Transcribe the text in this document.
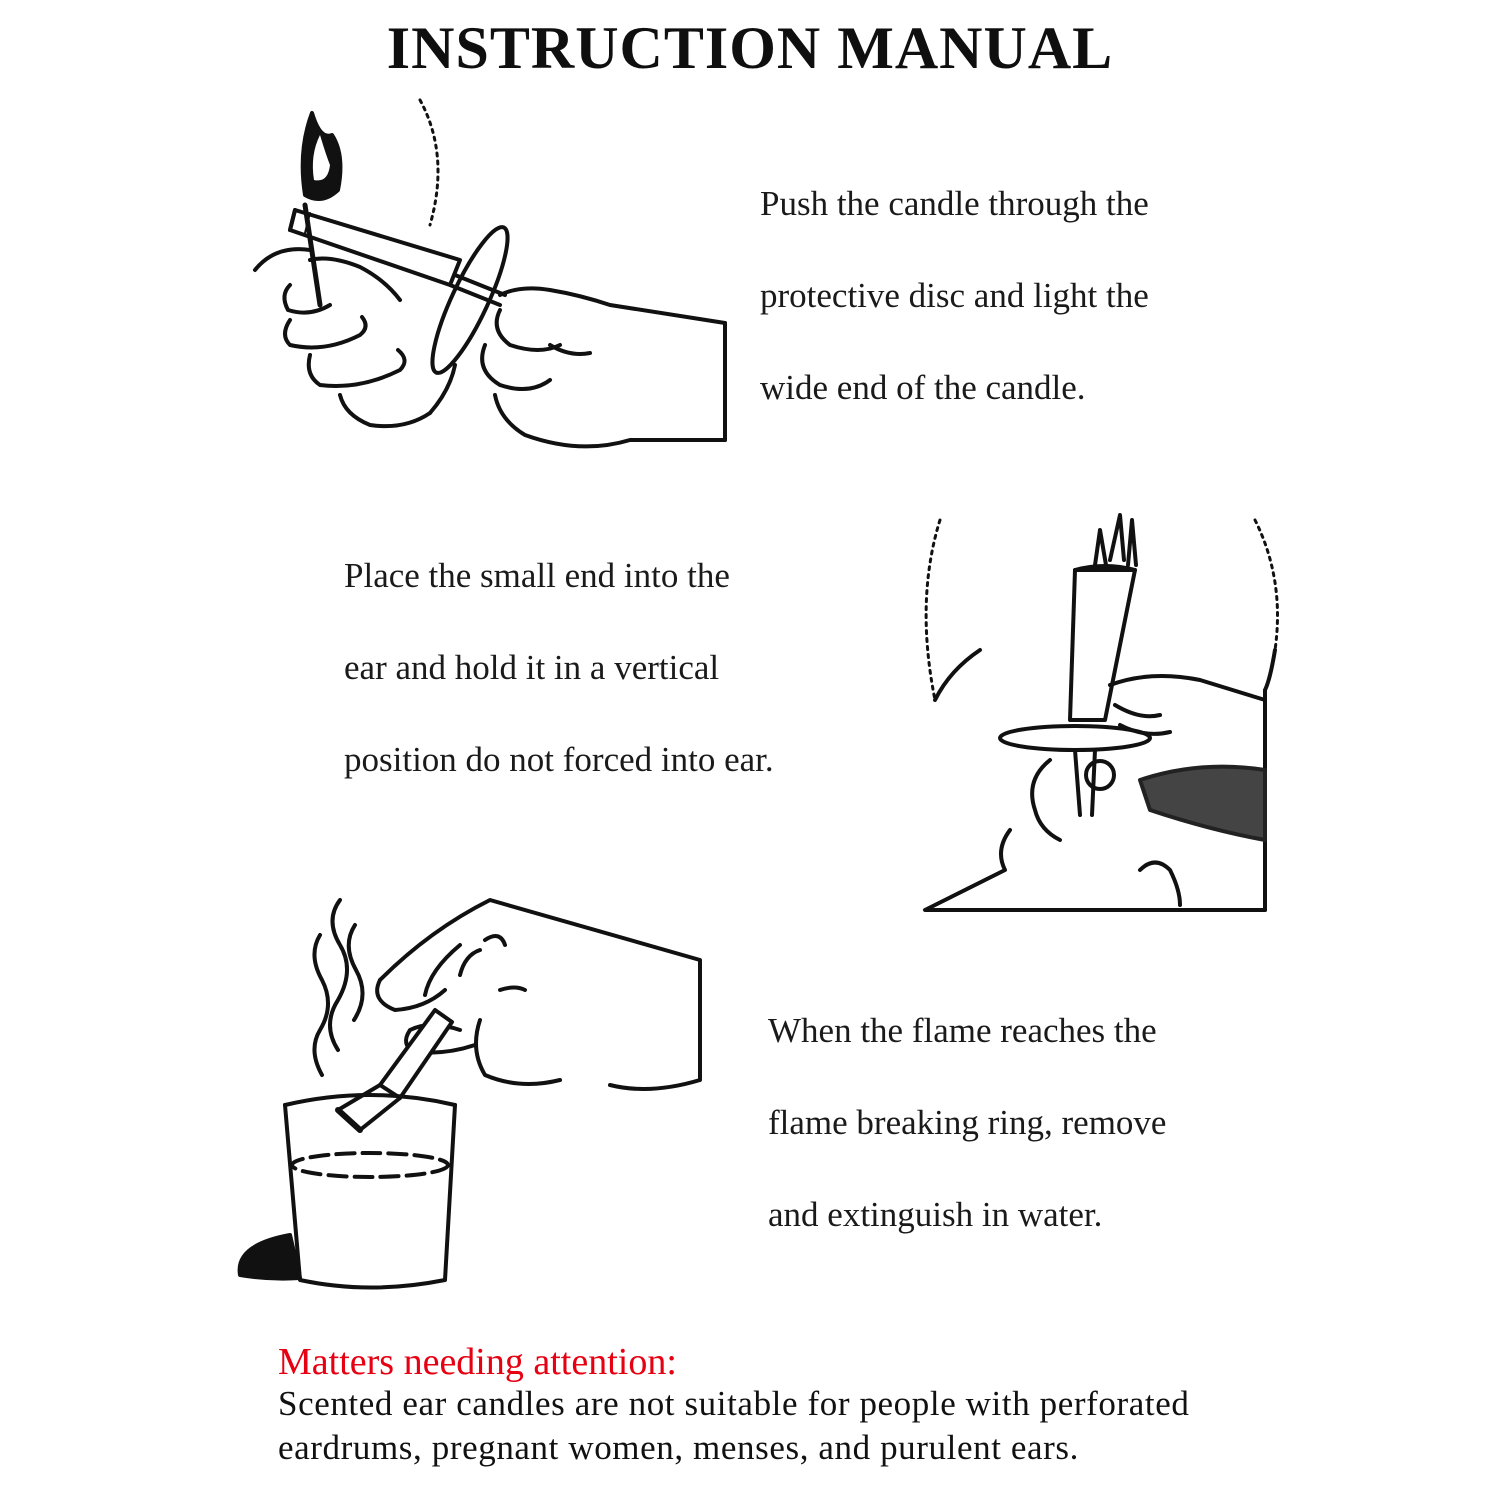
INSTRUCTION MANUAL
Push the candle through the
protective disc and light the
wide end of the candle.
Place the small end into the
ear and hold it in a vertical
position do not forced into ear.
When the flame reaches the
flame breaking ring, remove
and extinguish in water.
Matters needing attention:
Scented ear candles are not suitable for people with perforated
eardrums, pregnant women, menses, and purulent ears.
